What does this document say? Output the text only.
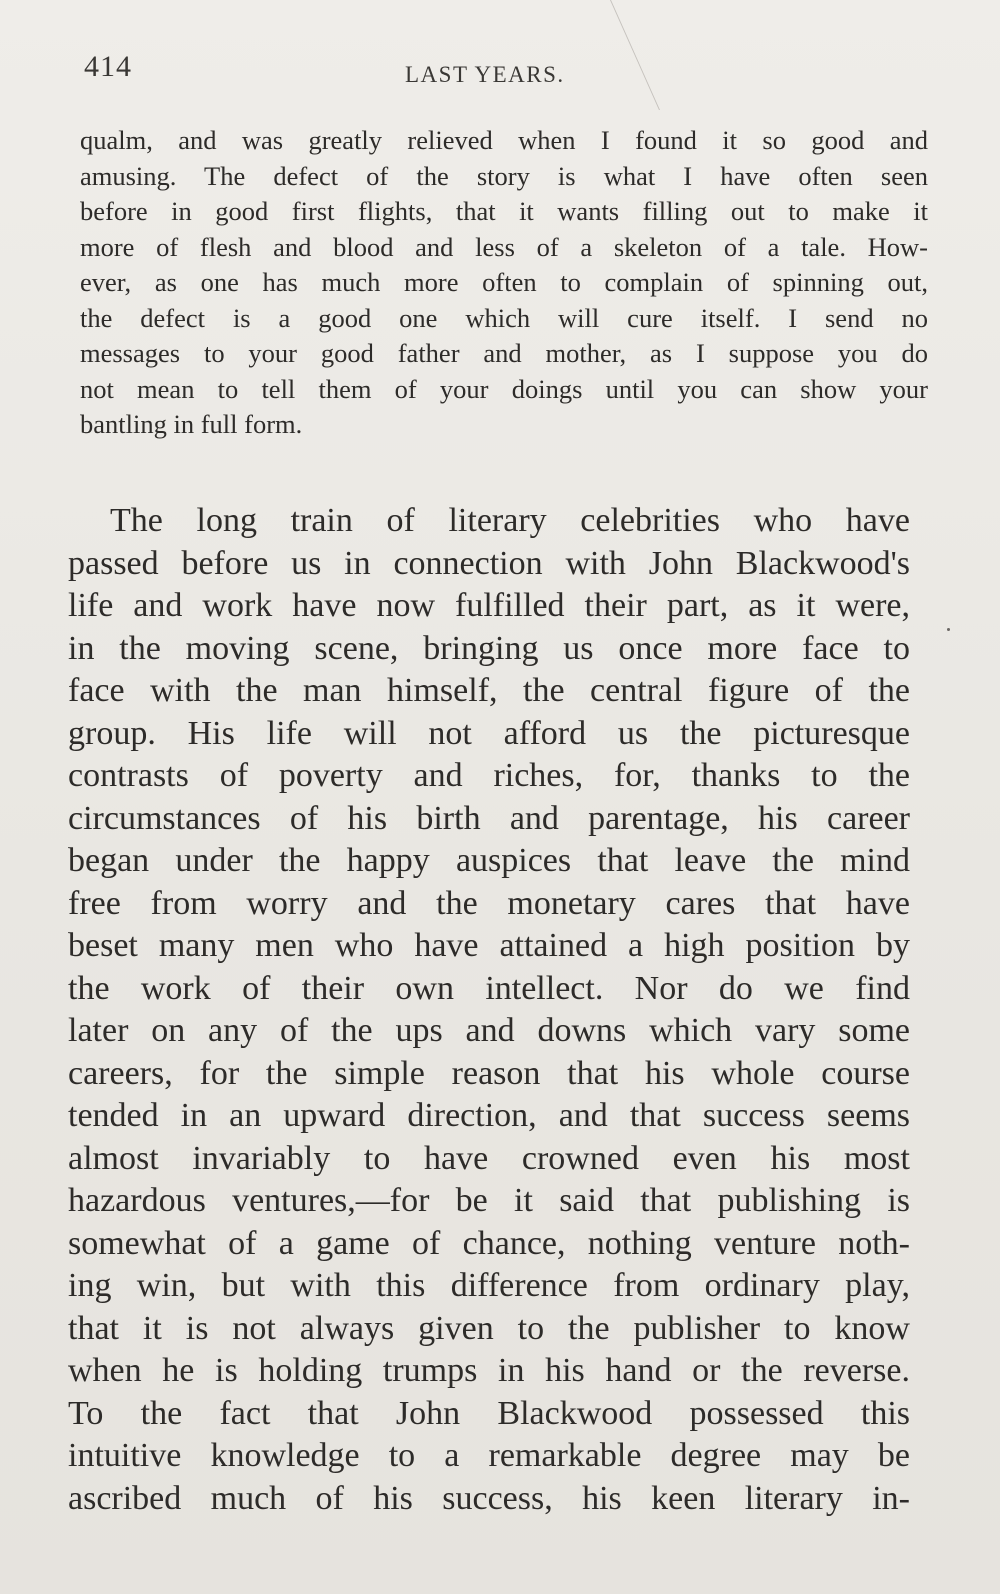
414	LAST YEARS.
qualm, and was greatly relieved when I found it so good and
amusing. The defect of the story is what I have often seen
before in good first flights, that it wants filling out to make it
more of flesh and blood and less of a skeleton of a tale. How-
ever, as one has much more often to complain of spinning out,
the defect is a good one which will cure itself. I send no
messages to your good father and mother, as I suppose you do
not mean to tell them of your doings until you can show your
bantling in full form.
The long train of literary celebrities who have
passed before us in connection with John Blackwood's
life and work have now fulfilled their part, as it were,
in the moving scene, bringing us once more face to
face with the man himself, the central figure of the
group. His life will not afford us the picturesque
contrasts of poverty and riches, for, thanks to the
circumstances of his birth and parentage, his career
began under the happy auspices that leave the mind
free from worry and the monetary cares that have
beset many men who have attained a high position by
the work of their own intellect. Nor do we find
later on any of the ups and downs which vary some
careers, for the simple reason that his whole course
tended in an upward direction, and that success seems
almost invariably to have crowned even his most
hazardous ventures,—for be it said that publishing is
somewhat of a game of chance, nothing venture noth-
ing win, but with this difference from ordinary play,
that it is not always given to the publisher to know
when he is holding trumps in his hand or the reverse.
To the fact that John Blackwood possessed this
intuitive knowledge to a remarkable degree may be
ascribed much of his success, his keen literary in-
